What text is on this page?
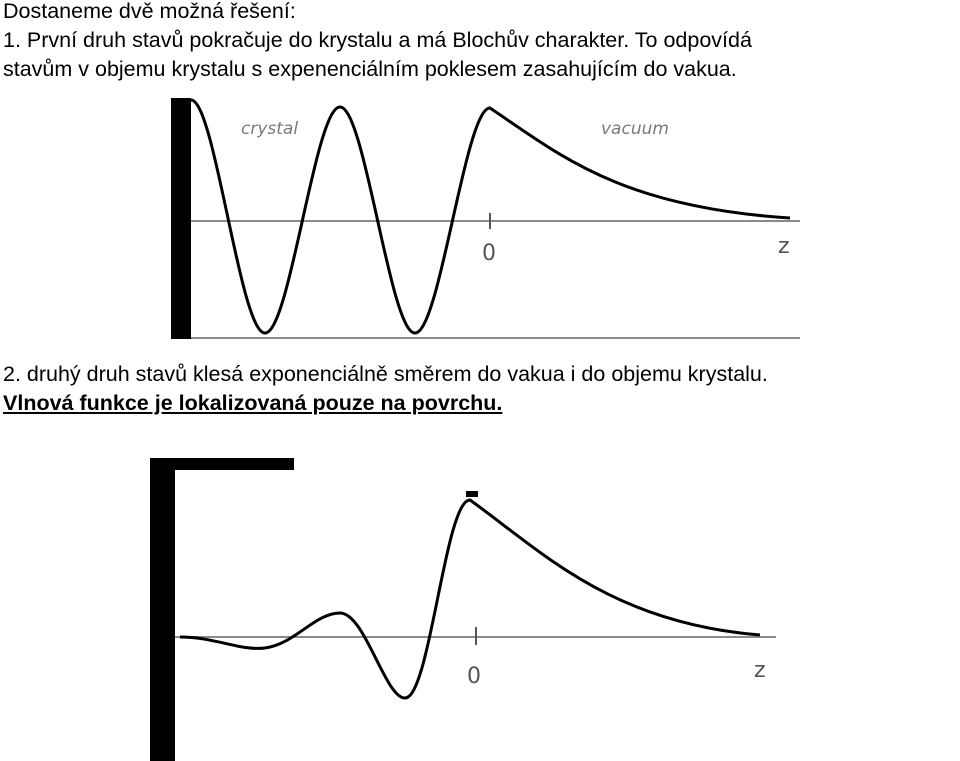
Dostaneme dvě možná řešení:

1. První druh stavů pokračuje do krystalu a má Blochův charakter. To odpovídá

stavům v objemu krystalu s expenenciálním poklesem zasahujícím do vakua.

crystal	vacuum
0	z

2. druhý druh stavů klesá exponenciálně směrem do vakua i do objemu krystalu.

Vlnová funkce je lokalizovaná pouze na povrchu.

0	z
